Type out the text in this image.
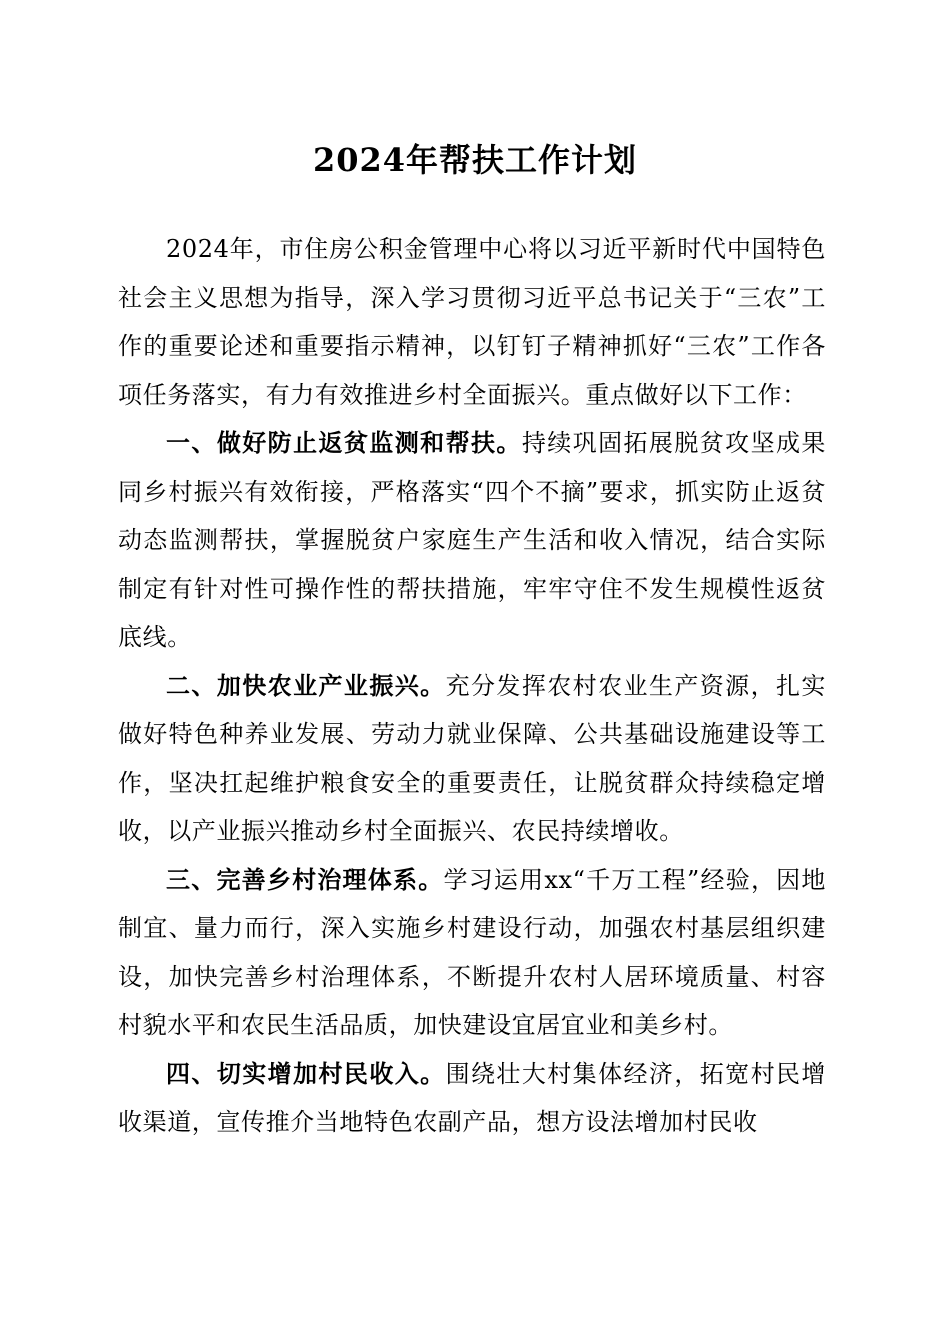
2024年帮扶工作计划

2024年，市住房公积金管理中心将以习近平新时代中国特色社会主义思想为指导，深入学习贯彻习近平总书记关于“三农”工作的重要论述和重要指示精神，以钉钉子精神抓好“三农”工作各项任务落实，有力有效推进乡村全面振兴。重点做好以下工作：

一、做好防止返贫监测和帮扶。持续巩固拓展脱贫攻坚成果同乡村振兴有效衔接，严格落实“四个不摘”要求，抓实防止返贫动态监测帮扶，掌握脱贫户家庭生产生活和收入情况，结合实际制定有针对性可操作性的帮扶措施，牢牢守住不发生规模性返贫底线。

二、加快农业产业振兴。充分发挥农村农业生产资源，扎实做好特色种养业发展、劳动力就业保障、公共基础设施建设等工作，坚决扛起维护粮食安全的重要责任，让脱贫群众持续稳定增收，以产业振兴推动乡村全面振兴、农民持续增收。

三、完善乡村治理体系。学习运用xx“千万工程”经验，因地制宜、量力而行，深入实施乡村建设行动，加强农村基层组织建设，加快完善乡村治理体系，不断提升农村人居环境质量、村容村貌水平和农民生活品质，加快建设宜居宜业和美乡村。

四、切实增加村民收入。围绕壮大村集体经济，拓宽村民增收渠道，宣传推介当地特色农副产品，想方设法增加村民收
